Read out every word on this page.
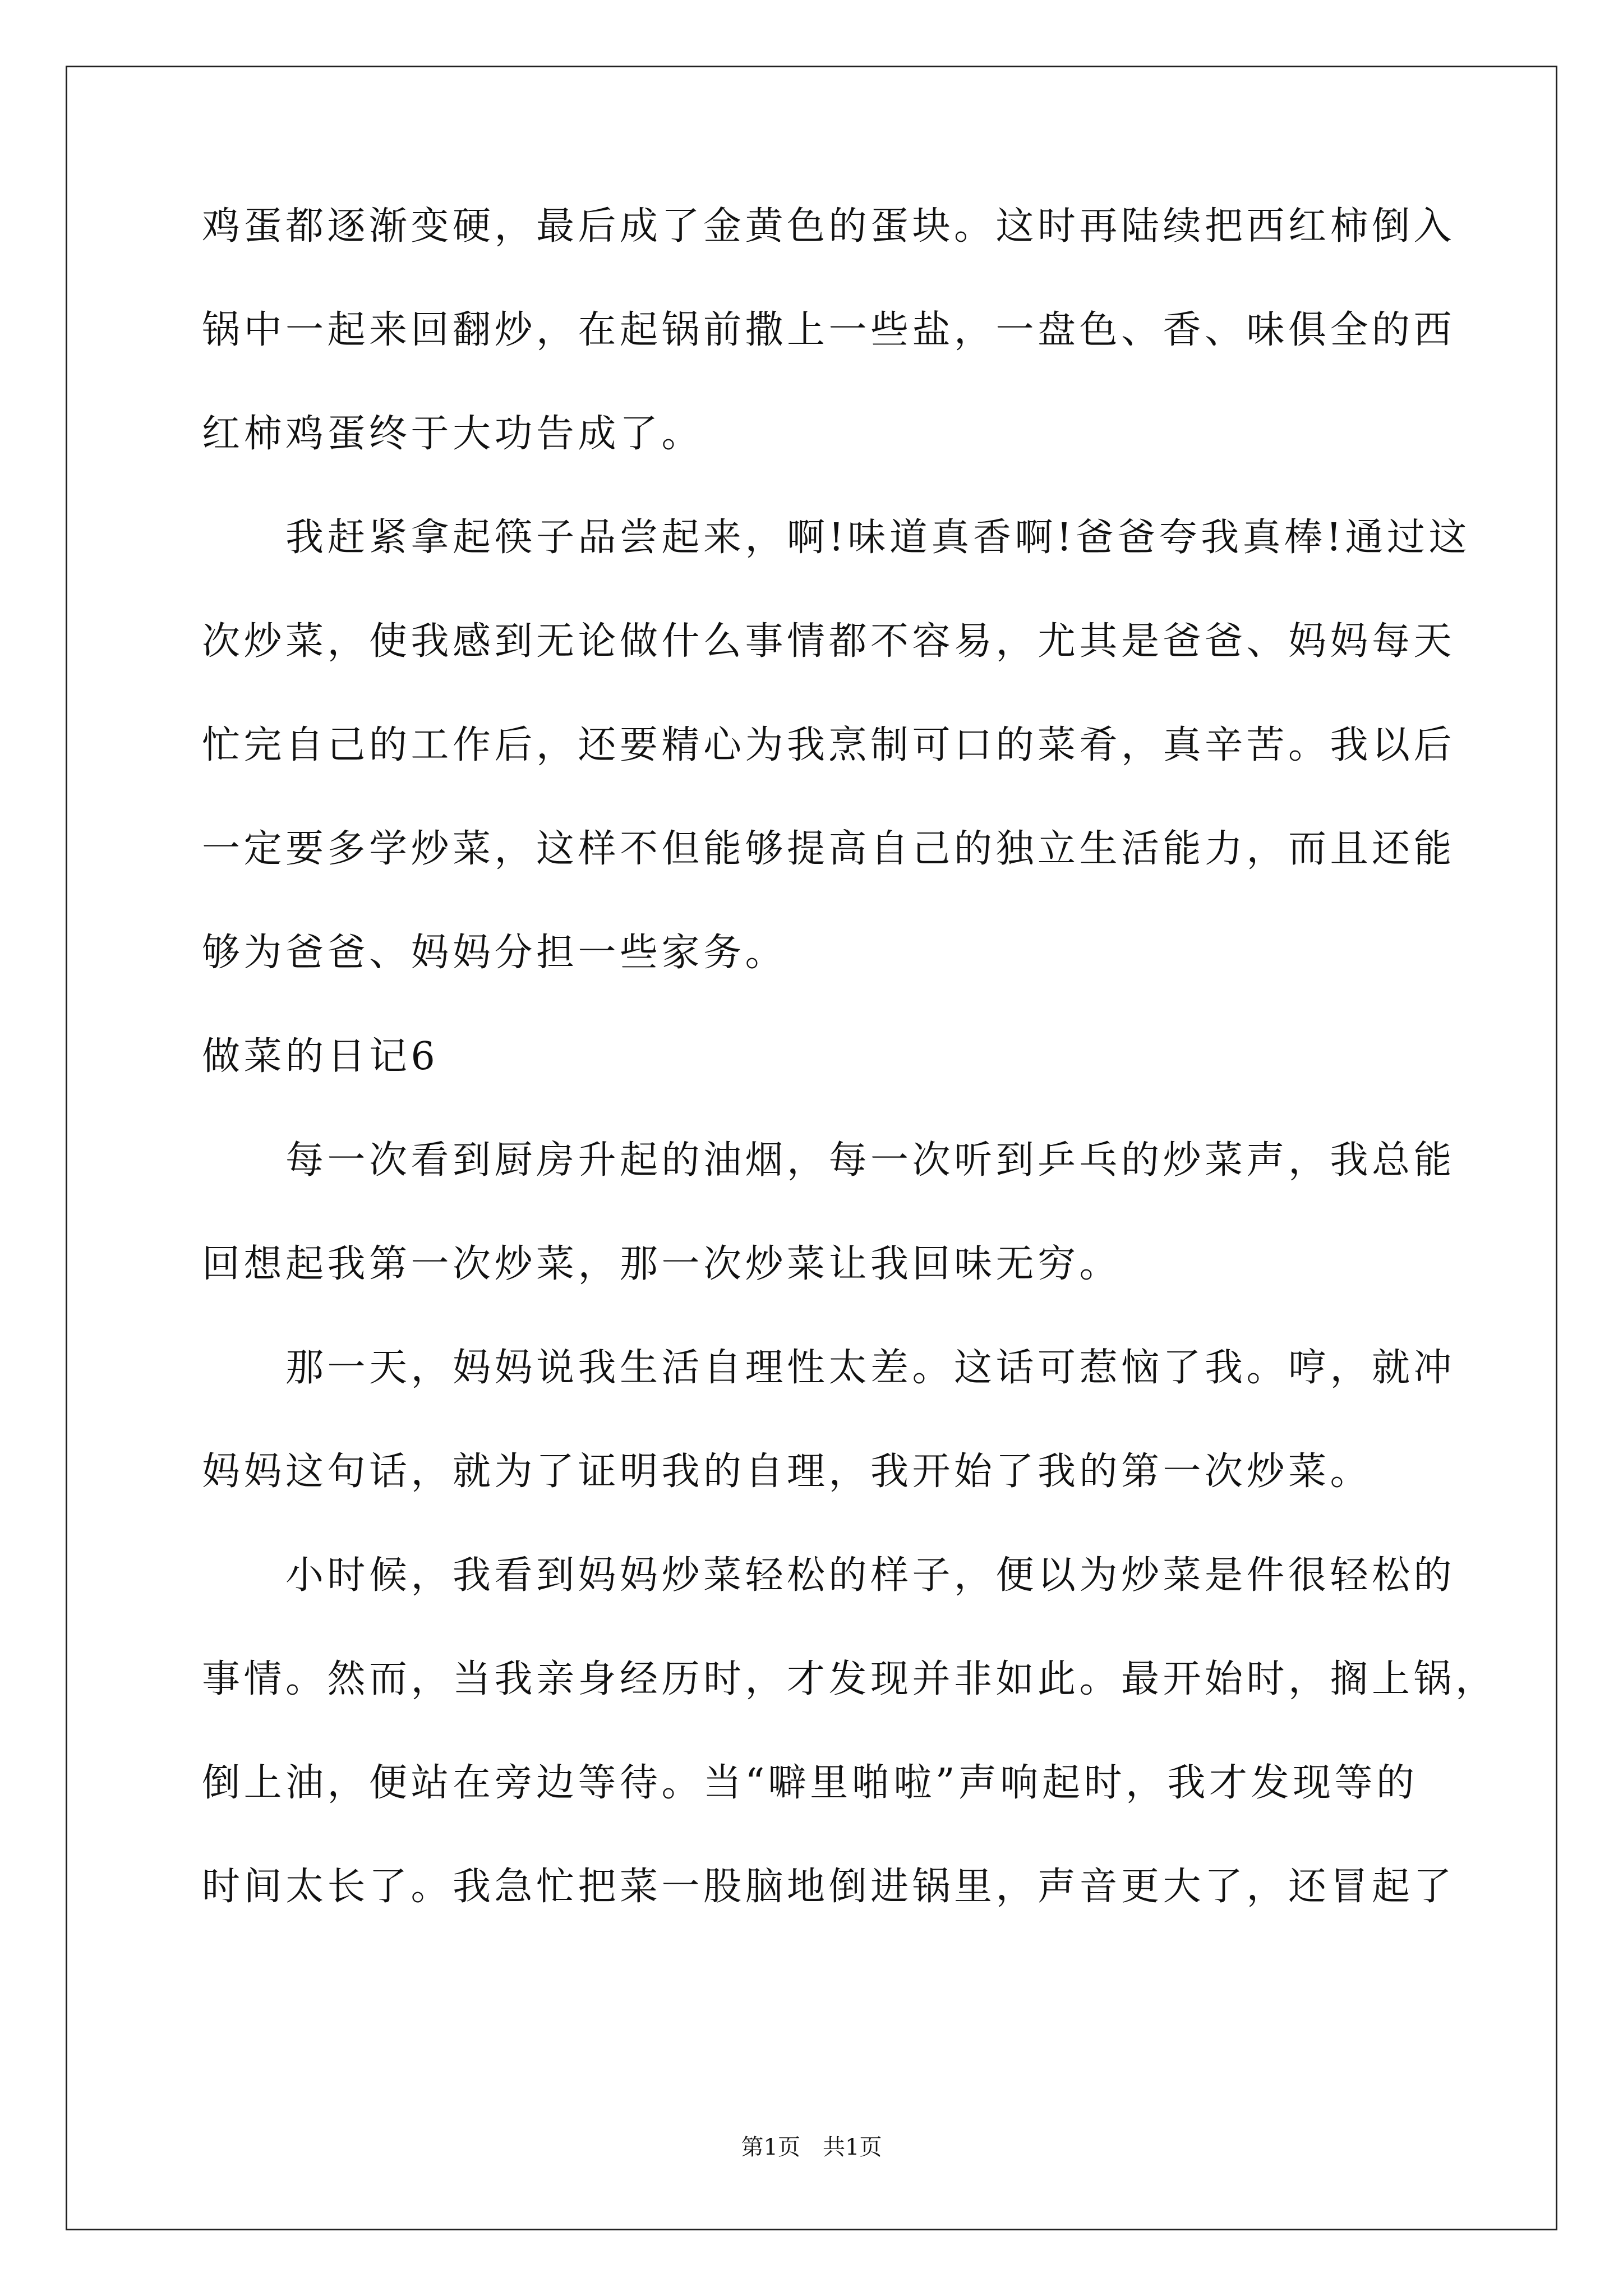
鸡蛋都逐渐变硬，最后成了金黄色的蛋块。这时再陆续把西红柿倒入
锅中一起来回翻炒，在起锅前撒上一些盐，一盘色、香、味俱全的西
红柿鸡蛋终于大功告成了。
　　我赶紧拿起筷子品尝起来，啊!味道真香啊!爸爸夸我真棒!通过这
次炒菜，使我感到无论做什么事情都不容易，尤其是爸爸、妈妈每天
忙完自己的工作后，还要精心为我烹制可口的菜肴，真辛苦。我以后
一定要多学炒菜，这样不但能够提高自己的独立生活能力，而且还能
够为爸爸、妈妈分担一些家务。
做菜的日记6
　　每一次看到厨房升起的油烟，每一次听到乒乓的炒菜声，我总能
回想起我第一次炒菜，那一次炒菜让我回味无穷。
　　那一天，妈妈说我生活自理性太差。这话可惹恼了我。哼，就冲
妈妈这句话，就为了证明我的自理，我开始了我的第一次炒菜。
　　小时候，我看到妈妈炒菜轻松的样子，便以为炒菜是件很轻松的
事情。然而，当我亲身经历时，才发现并非如此。最开始时，搁上锅，
倒上油，便站在旁边等待。当“噼里啪啦”声响起时，我才发现等的
时间太长了。我急忙把菜一股脑地倒进锅里，声音更大了，还冒起了
第1页　共1页
